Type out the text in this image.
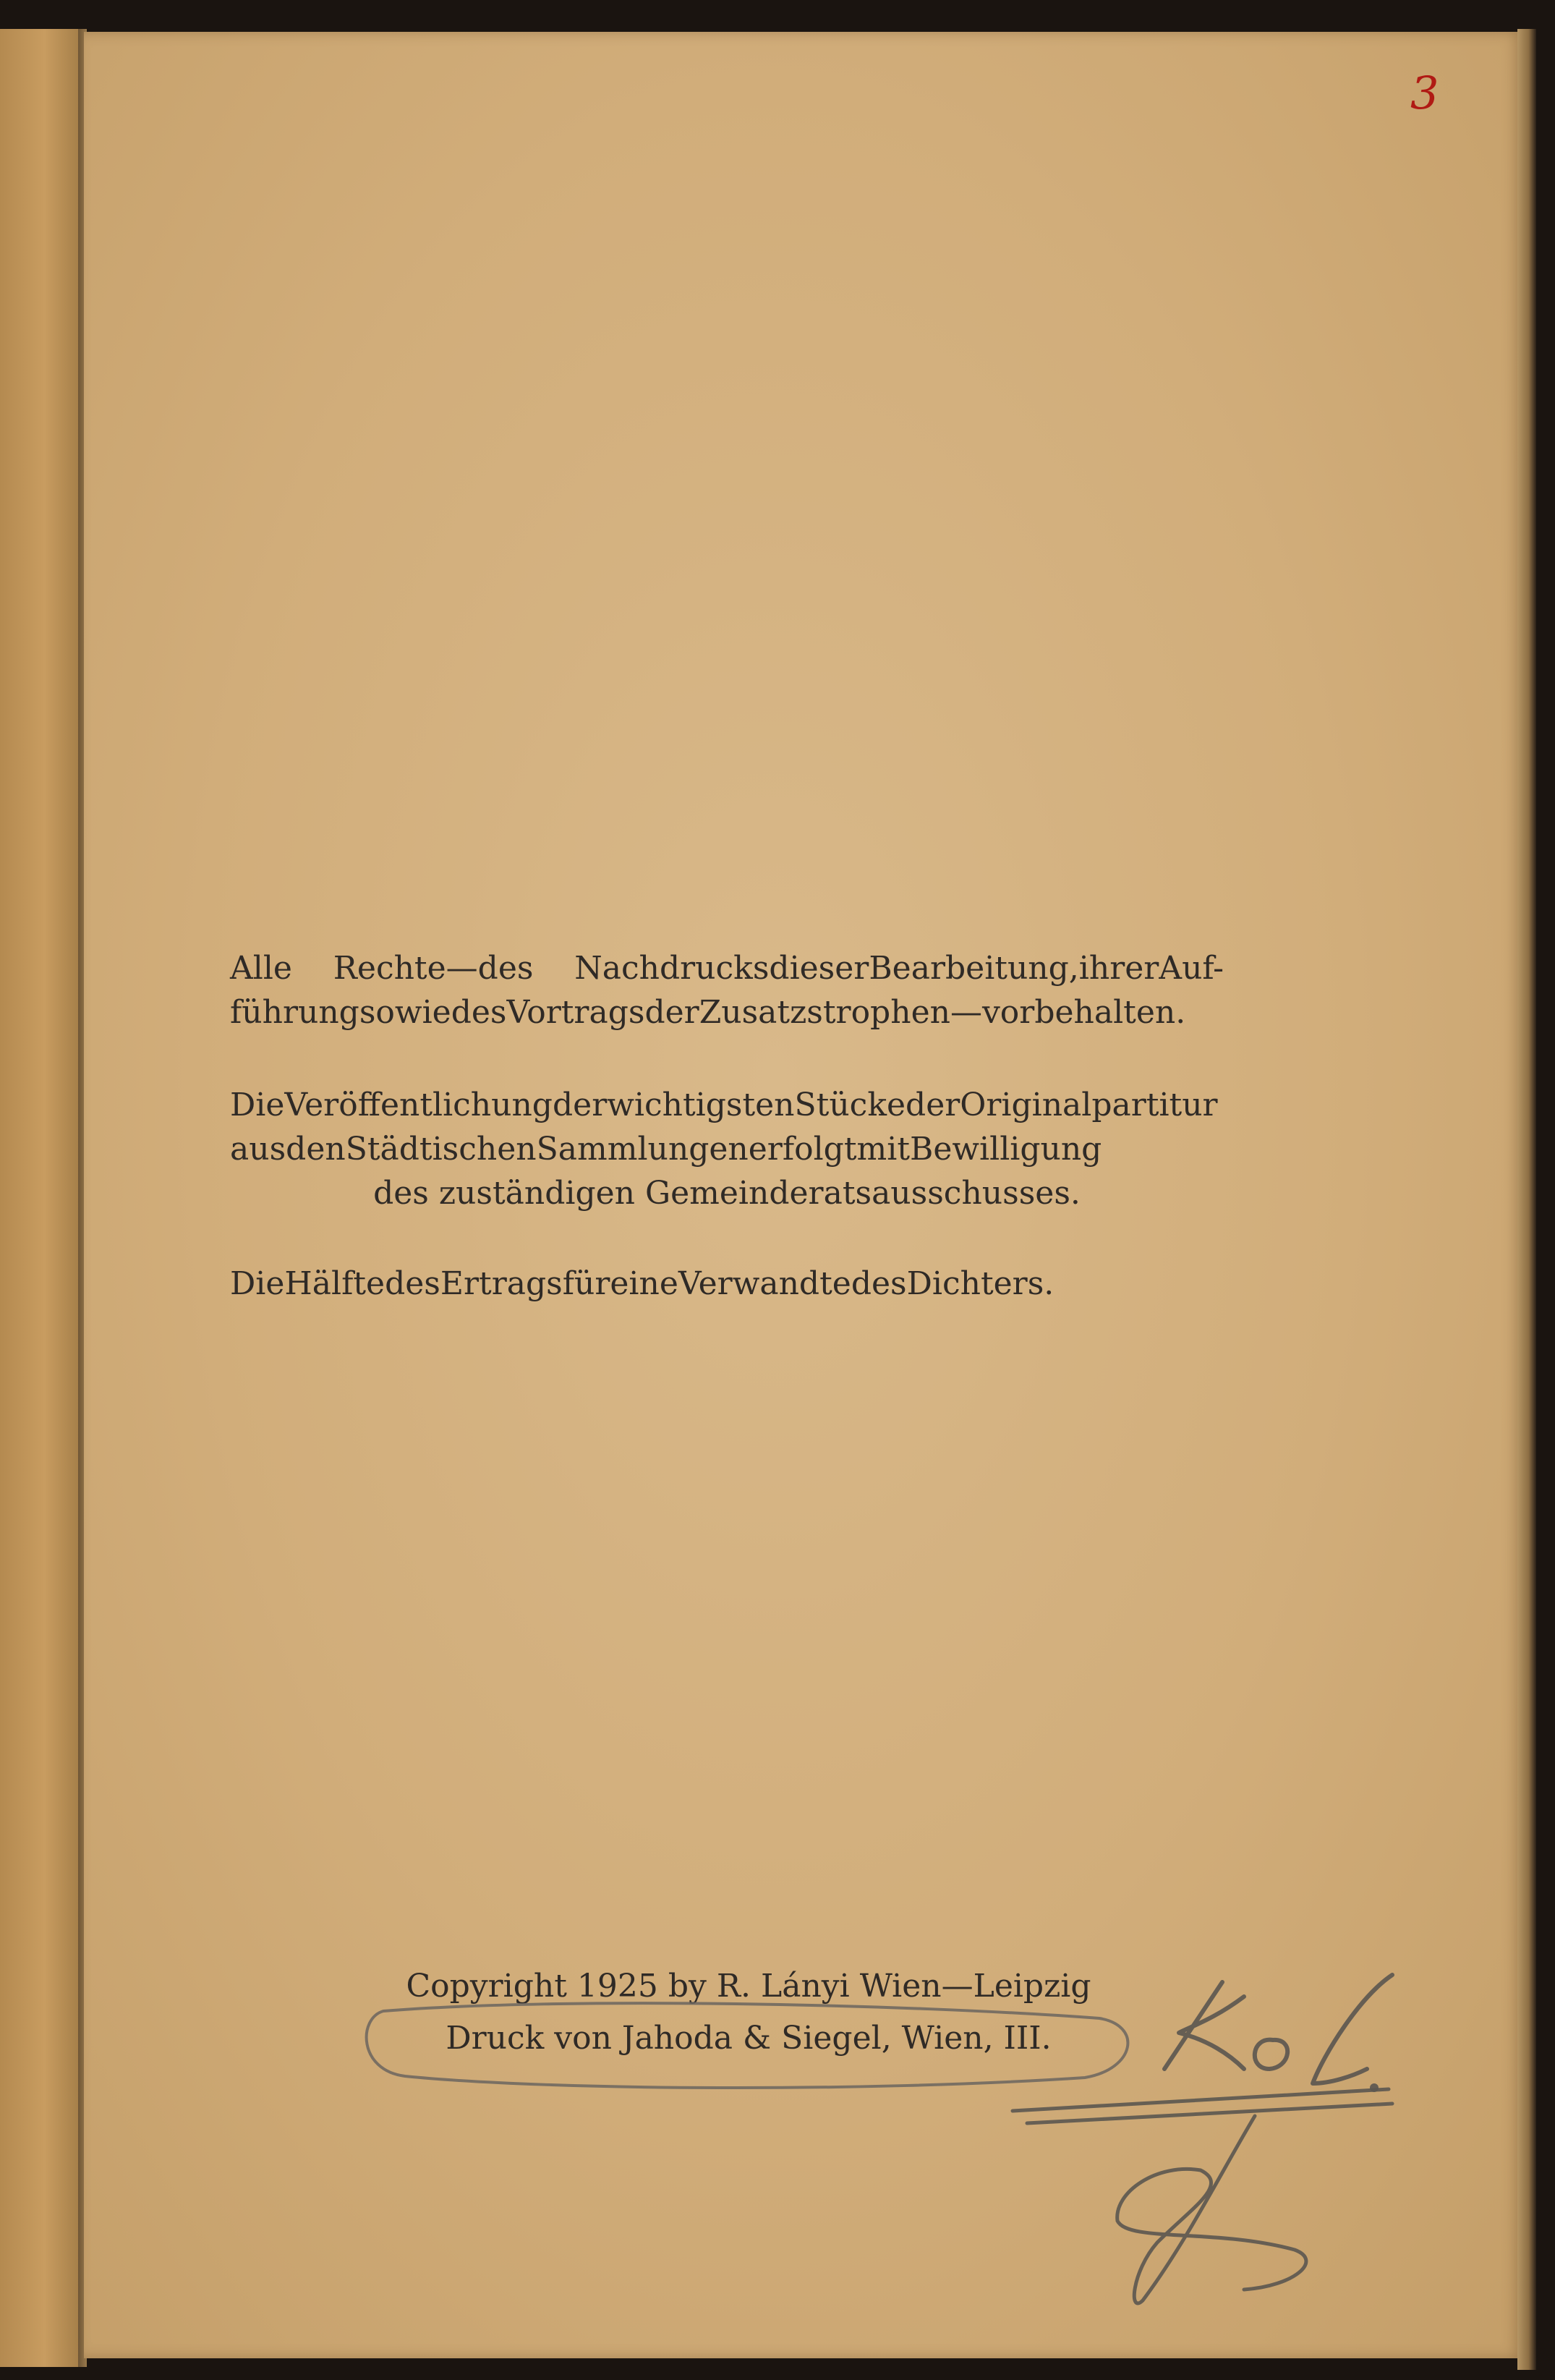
3
Alle Rechte—des NachdrucksdieserBearbeitung,ihrerAuf-
führungsowiedesVortragsderZusatzstrophen—vorbehalten.
DieVeröffentlichungderwichtigstenStückederOriginalpartitur
ausdenStädtischenSammlungenerfolgtmitBewilligung
des zuständigen Gemeinderatsausschusses.
DieHälftedesErtragsfüreineVerwandtedesDichters.
Copyright 1925 by R. Lányi Wien—Leipzig
Druck von Jahoda & Siegel, Wien, III.
